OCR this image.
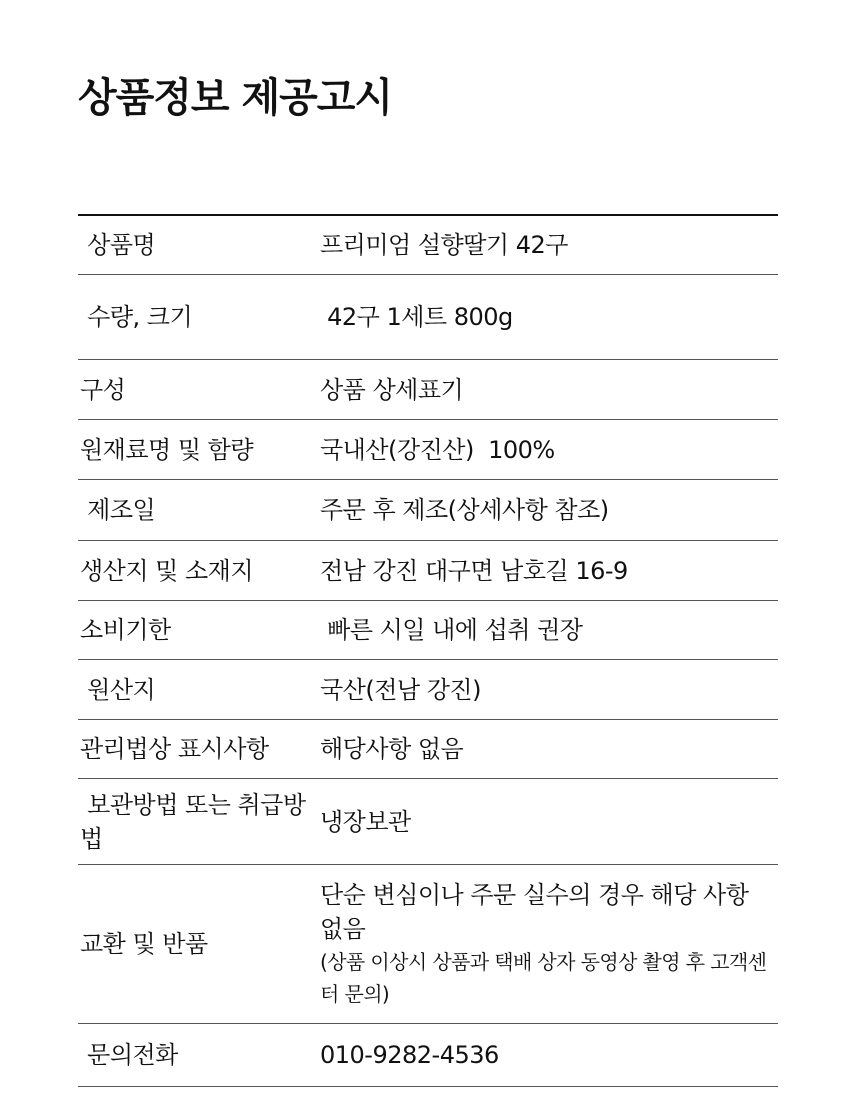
상품정보 제공고시
상품명	프리미엄 설향딸기 42구
수량, 크기	42구 1세트 800g
구성	상품 상세표기
원재료명 및 함량	국내산(강진산)  100%
제조일	주문 후 제조(상세사항 참조)
생산지 및 소재지	전남 강진 대구면 남호길 16-9
소비기한	빠른 시일 내에 섭취 권장
원산지	국산(전남 강진)
관리법상 표시사항	해당사항 없음
보관방법 또는 취급방법	냉장보관
교환 및 반품	단순 변심이나 주문 실수의 경우 해당 사항 없음
(상품 이상시 상품과 택배 상자 동영상 촬영 후 고객센터 문의)

문의전화	010-9282-4536
